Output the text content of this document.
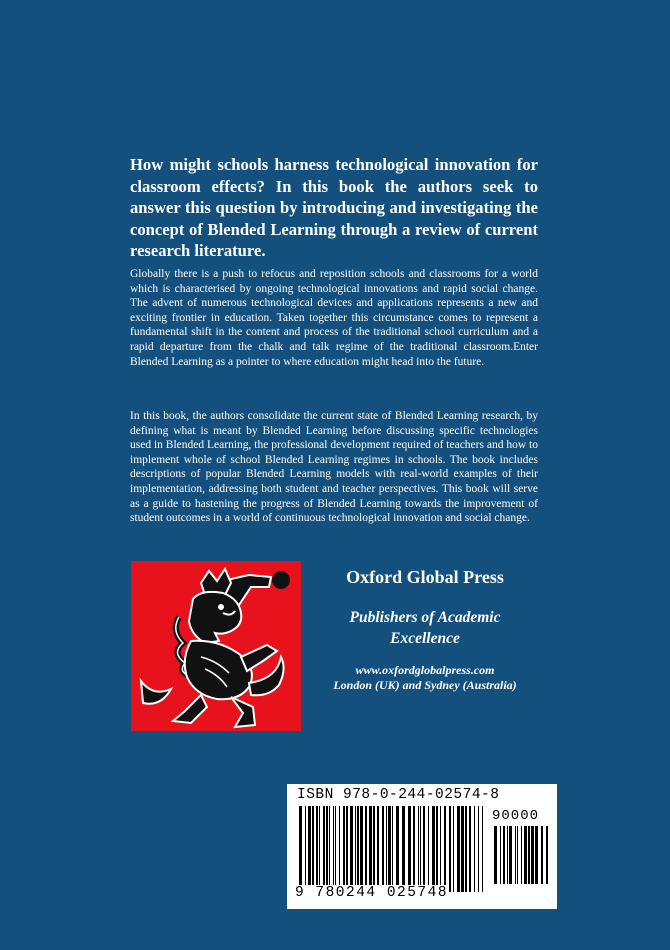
How might schools harness technological innovation for classroom effects? In this book the authors seek to answer this question by introducing and investigating the concept of Blended Learning through a review of current research literature.

Globally there is a push to refocus and reposition schools and classrooms for a world which is characterised by ongoing technological innovations and rapid social change. The advent of numerous technological devices and applications represents a new and exciting frontier in education. Taken together this circumstance comes to represent a fundamental shift in the content and process of the traditional school curriculum and a rapid departure from the chalk and talk regime of the traditional classroom.Enter Blended Learning as a pointer to where education might head into the future.

In this book, the authors consolidate the current state of Blended Learning research, by defining what is meant by Blended Learning before discussing specific technologies used in Blended Learning, the professional development required of teachers and how to implement whole of school Blended Learning regimes in schools. The book includes descriptions of popular Blended Learning models with real-world examples of their implementation, addressing both student and teacher perspectives. This book will serve as a guide to hastening the progress of Blended Learning towards the improvement of student outcomes in a world of continuous technological innovation and social change.

Oxford Global Press

Publishers of Academic Excellence

www.oxfordglobalpress.com

London (UK) and Sydney (Australia)

ISBN 978-0-244-02574-8

90000

9 780244 025748
